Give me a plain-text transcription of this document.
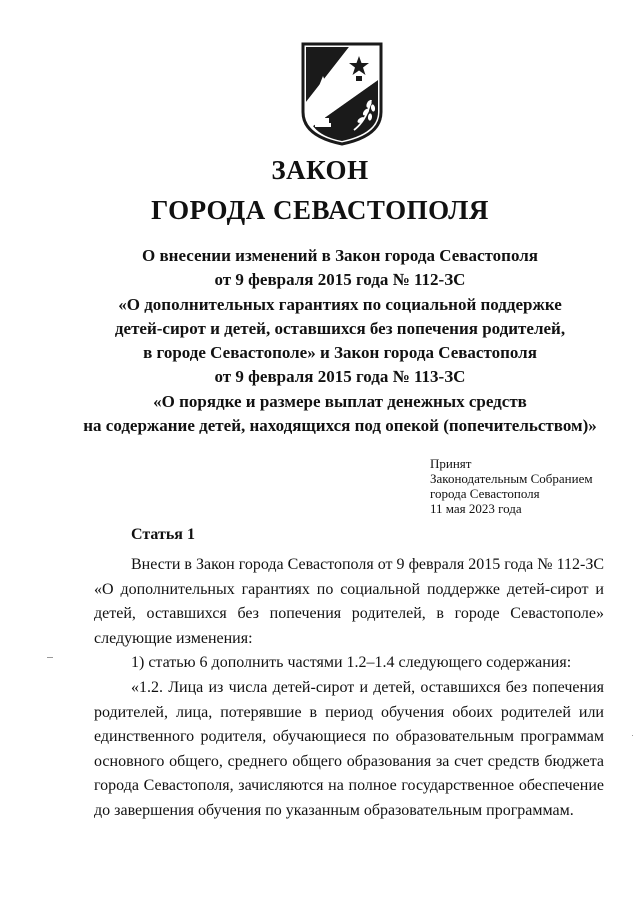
ЗАКОН
ГОРОДА СЕВАСТОПОЛЯ
О внесении изменений в Закон города Севастополя
от 9 февраля 2015 года № 112-ЗС
«О дополнительных гарантиях по социальной поддержке
детей-сирот и детей, оставшихся без попечения родителей,
в городе Севастополе» и Закон города Севастополя
от 9 февраля 2015 года № 113-ЗС
«О порядке и размере выплат денежных средств
на содержание детей, находящихся под опекой (попечительством)»
Принят
Законодательным Собранием
города Севастополя
11 мая 2023 года
Статья 1

Внести в Закон города Севастополя от 9 февраля 2015 года № 112-ЗС «О дополнительных гарантиях по социальной поддержке детей-сирот и детей, оставшихся без попечения родителей, в городе Севастополе» следующие изменения:

1) статью 6 дополнить частями 1.2–1.4 следующего содержания:

«1.2. Лица из числа детей-сирот и детей, оставшихся без попечения родителей, лица, потерявшие в период обучения обоих родителей или единственного родителя, обучающиеся по образовательным программам основного общего, среднего общего образования за счет средств бюджета города Севастополя, зачисляются на полное государственное обеспечение до завершения обучения по указанным образовательным программам.
